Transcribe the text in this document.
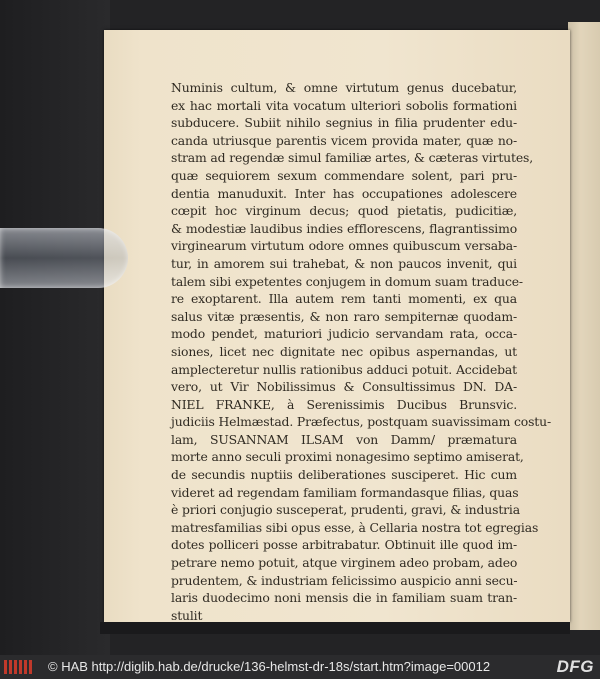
Numinis cultum, & omne virtutum genus ducebatur,
ex hac mortali vita vocatum ulteriori sobolis formationi
subducere. Subiit nihilo segnius in filia prudenter edu-
canda utriusque parentis vicem provida mater, quæ no-
stram ad regendæ simul familiæ artes, & cæteras virtutes,
quæ sequiorem sexum commendare solent, pari pru-
dentia manuduxit. Inter has occupationes adolescere
cœpit hoc virginum decus; quod pietatis, pudicitiæ,
& modestiæ laudibus indies efflorescens, flagrantissimo
virginearum virtutum odore omnes quibuscum versaba-
tur, in amorem sui trahebat, & non paucos invenit, qui
talem sibi expetentes conjugem in domum suam traduce-
re exoptarent. Illa autem rem tanti momenti, ex qua
salus vitæ præsentis, & non raro sempiternæ quodam-
modo pendet, maturiori judicio servandam rata, occa-
siones, licet nec dignitate nec opibus aspernandas, ut
amplecteretur nullis rationibus adduci potuit. Accidebat
vero, ut Vir Nobilissimus & Consultissimus DN. DA-
NIEL FRANKE, à Serenissimis Ducibus Brunsvic.
judiciis Helmæstad. Præfectus, postquam suavissimam costu-
lam, SUSANNAM ILSAM von Damm/ præmatura
morte anno seculi proximi nonagesimo septimo amiserat,
de secundis nuptiis deliberationes susciperet. Hic cum
videret ad regendam familiam formandasque filias, quas
è priori conjugio susceperat, prudenti, gravi, & industria
matresfamilias sibi opus esse, à Cellaria nostra tot egregias
dotes polliceri posse arbitrabatur. Obtinuit ille quod im-
petrare nemo potuit, atque virginem adeo probam, adeo
prudentem, & industriam felicissimo auspicio anni secu-
laris duodecimo noni mensis die in familiam suam tran-
stulit
© HAB http://diglib.hab.de/drucke/136-helmst-dr-18s/start.htm?image=00012	DFG
